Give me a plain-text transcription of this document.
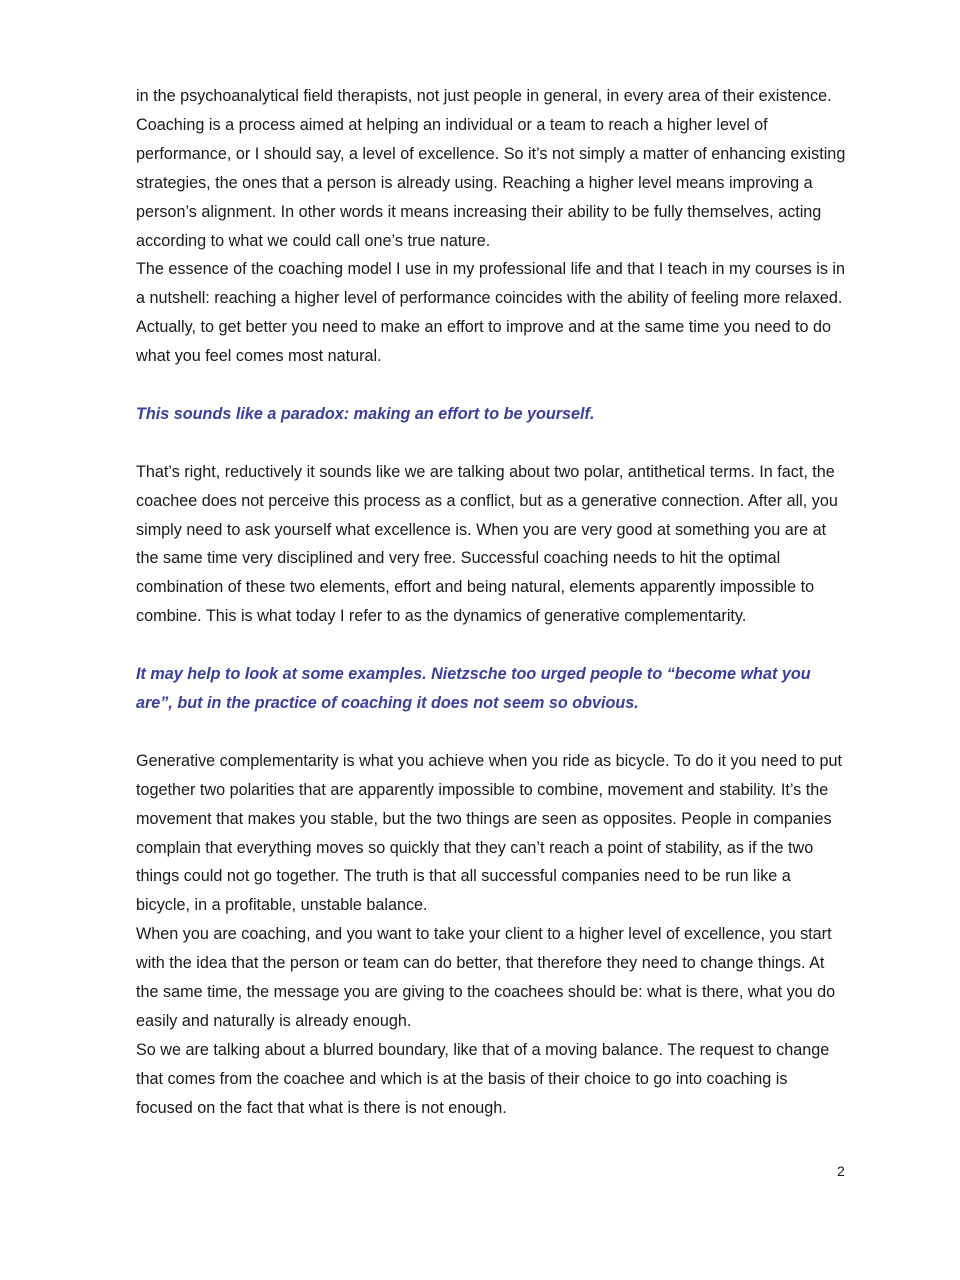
in the psychoanalytical field therapists, not just people in general, in every area of their existence.

Coaching is a process aimed at helping an individual or a team to reach a higher level of performance, or I should say, a level of excellence. So it’s not simply a matter of enhancing existing strategies, the ones that a person is already using. Reaching a higher level means improving a person’s alignment. In other words it means increasing their ability to be fully themselves, acting according to what we could call one’s true nature.

The essence of the coaching model I use in my professional life and that I teach in my courses is in a nutshell: reaching a higher level of performance coincides with the ability of feeling more relaxed. Actually, to get better you need to make an effort to improve and at the same time you need to do what you feel comes most natural.

This sounds like a paradox: making an effort to be yourself.

That’s right, reductively it sounds like we are talking about two polar, antithetical terms. In fact, the coachee does not perceive this process as a conflict, but as a generative connection. After all, you simply need to ask yourself what excellence is. When you are very good at something you are at the same time very disciplined and very free. Successful coaching needs to hit the optimal combination of these two elements, effort and being natural, elements apparently impossible to combine. This is what today I refer to as the dynamics of generative complementarity.

It may help to look at some examples. Nietzsche too urged people to “become what you are”, but in the practice of coaching it does not seem so obvious.

Generative complementarity is what you achieve when you ride as bicycle. To do it you need to put together two polarities that are apparently impossible to combine, movement and stability. It’s the movement that makes you stable, but the two things are seen as opposites. People in companies complain that everything moves so quickly that they can’t reach a point of stability, as if the two things could not go together. The truth is that all successful companies need to be run like a bicycle, in a profitable, unstable balance.

When you are coaching, and you want to take your client to a higher level of excellence, you start with the idea that the person or team can do better, that therefore they need to change things. At the same time, the message you are giving to the coachees should be: what is there, what you do easily and naturally is already enough.

So we are talking about a blurred boundary, like that of a moving balance. The request to change that comes from the coachee and which is at the basis of their choice to go into coaching is focused on the fact that what is there is not enough.

2
